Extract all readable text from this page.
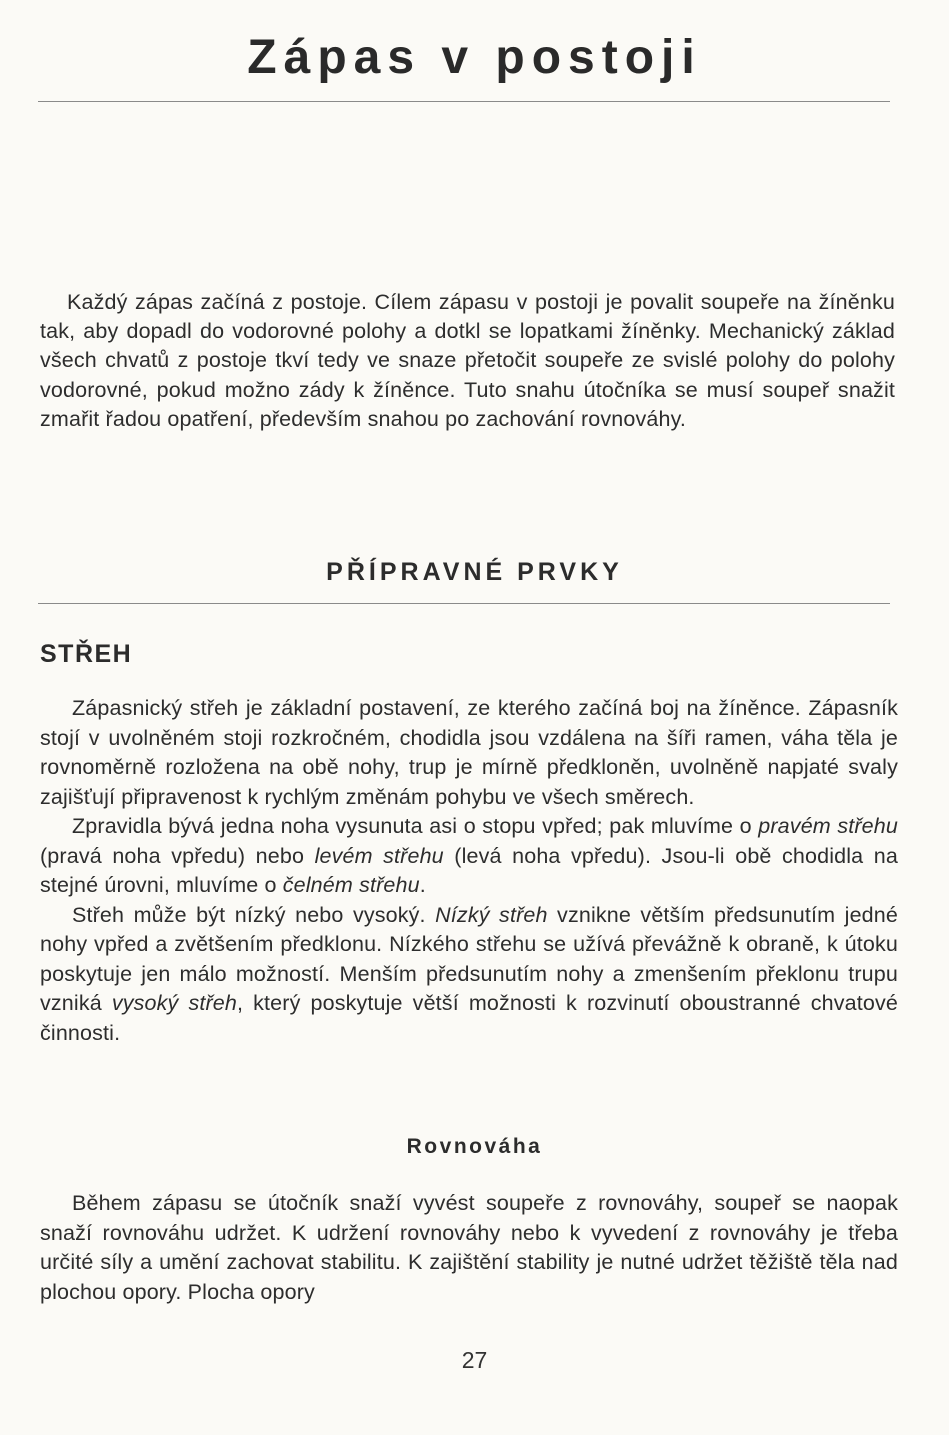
Zápas v postoji

Každý zápas začíná z postoje. Cílem zápasu v postoji je povalit soupeře na žíněnku tak, aby dopadl do vodorovné polohy a dotkl se lopatkami žíněnky. Mechanický základ všech chvatů z postoje tkví tedy ve snaze přetočit soupeře ze svislé polohy do polohy vodorovné, pokud možno zády k žíněnce. Tuto snahu útočníka se musí soupeř snažit zmařit řadou opatření, především snahou po zachování rovnováhy.

PŘÍPRAVNÉ PRVKY
STŘEH

Zápasnický střeh je základní postavení, ze kterého začíná boj na žíněnce. Zápasník stojí v uvolněném stoji rozkročném, chodidla jsou vzdálena na šíři ramen, váha těla je rovnoměrně rozložena na obě nohy, trup je mírně předkloněn, uvolněně napjaté svaly zajišťují připravenost k rychlým změnám pohybu ve všech směrech.

Zpravidla bývá jedna noha vysunuta asi o stopu vpřed; pak mluvíme o pravém střehu (pravá noha vpředu) nebo levém střehu (levá noha vpředu). Jsou-li obě chodidla na stejné úrovni, mluvíme o čelném střehu.

Střeh může být nízký nebo vysoký. Nízký střeh vznikne větším předsunutím jedné nohy vpřed a zvětšením předklonu. Nízkého střehu se užívá převážně k obraně, k útoku poskytuje jen málo možností. Menším předsunutím nohy a zmenšením překlonu trupu vzniká vysoký střeh, který poskytuje větší možnosti k rozvinutí oboustranné chvatové činnosti.

Rovnováha

Během zápasu se útočník snaží vyvést soupeře z rovnováhy, soupeř se naopak snaží rovnováhu udržet. K udržení rovnováhy nebo k vyvedení z rovnováhy je třeba určité síly a umění zachovat stabilitu. K zajištění stability je nutné udržet těžiště těla nad plochou opory. Plocha opory

27
